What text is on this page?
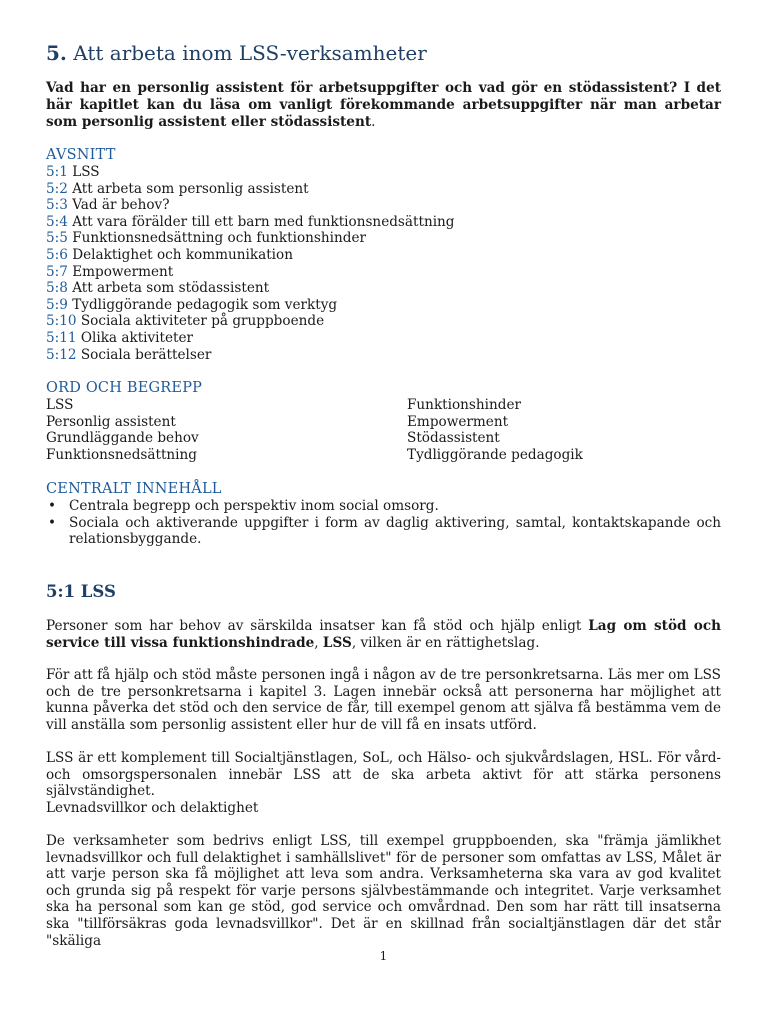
5. Att arbeta inom LSS-verksamheter

Vad har en personlig assistent för arbetsuppgifter och vad gör en stödassistent? I det här kapitlet kan du läsa om vanligt förekommande arbetsuppgifter när man arbetar som personlig assistent eller stödassistent.

AVSNITT
5:1 LSS
5:2 Att arbeta som personlig assistent
5:3 Vad är behov?
5:4 Att vara förälder till ett barn med funktionsnedsättning
5:5 Funktionsnedsättning och funktionshinder
5:6 Delaktighet och kommunikation
5:7 Empowerment
5:8 Att arbeta som stödassistent
5:9 Tydliggörande pedagogik som verktyg
5:10 Sociala aktiviteter på gruppboende
5:11 Olika aktiviteter
5:12 Sociala berättelser
ORD OCH BEGREPP
LSS
Personlig assistent
Grundläggande behov
Funktionsnedsättning
Funktionshinder
Empowerment
Stödassistent
Tydliggörande pedagogik
CENTRALT INNEHÅLL
• Centrala begrepp och perspektiv inom social omsorg.
• Sociala och aktiverande uppgifter i form av daglig aktivering, samtal, kontaktskapande och relationsbyggande.
5:1 LSS

Personer som har behov av särskilda insatser kan få stöd och hjälp enligt Lag om stöd och service till vissa funktionshindrade, LSS, vilken är en rättighetslag.

För att få hjälp och stöd måste personen ingå i någon av de tre personkretsarna. Läs mer om LSS och de tre personkretsarna i kapitel 3. Lagen innebär också att personerna har möjlighet att kunna påverka det stöd och den service de får, till exempel genom att själva få bestämma vem de vill anställa som personlig assistent eller hur de vill få en insats utförd.

LSS är ett komplement till Socialtjänstlagen, SoL, och Hälso- och sjukvårdslagen, HSL. För vård- och omsorgspersonalen innebär LSS att de ska arbeta aktivt för att stärka personens självständighet.

Levnadsvillkor och delaktighet

De verksamheter som bedrivs enligt LSS, till exempel gruppboenden, ska "främja jämlikhet levnadsvillkor och full delaktighet i samhällslivet" för de personer som omfattas av LSS, Målet är att varje person ska få möjlighet att leva som andra. Verksamheterna ska vara av god kvalitet och grunda sig på respekt för varje persons självbestämmande och integritet. Varje verksamhet ska ha personal som kan ge stöd, god service och omvårdnad. Den som har rätt till insatserna ska "tillförsäkras goda levnadsvillkor". Det är en skillnad från socialtjänstlagen där det står "skäliga

1
